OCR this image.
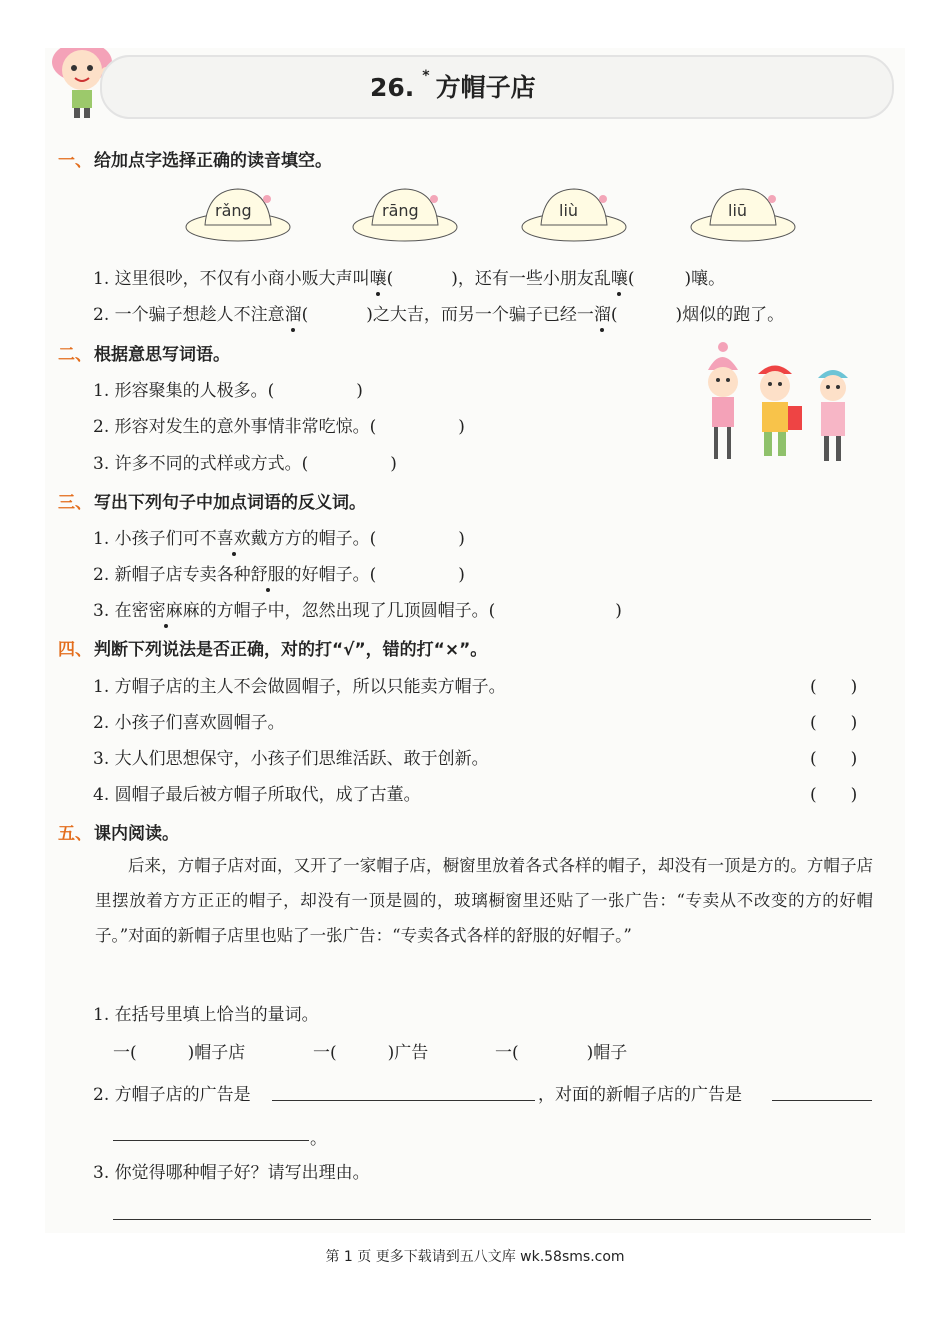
26. * 方帽子店
一、 给加点字选择正确的读音填空。
rǎng	rāng	liù	liū
1. 这里很吵，不仅有小商小贩大声叫嚷(	)，还有一些小朋友乱嚷(	)嚷。
2. 一个骗子想趁人不注意溜(	)之大吉，而另一个骗子已经一溜(	)烟似的跑了。
二、 根据意思写词语。
1. 形容聚集的人极多。(	)
2. 形容对发生的意外事情非常吃惊。(	)
3. 许多不同的式样或方式。(	)
三、 写出下列句子中加点词语的反义词。
1. 小孩子们可不喜欢戴方方的帽子。(	)
2. 新帽子店专卖各种舒服的好帽子。(	)
3. 在密密麻麻的方帽子中，忽然出现了几顶圆帽子。(	)
四、 判断下列说法是否正确，对的打“√”，错的打“×”。
1. 方帽子店的主人不会做圆帽子，所以只能卖方帽子。	(　　)
2. 小孩子们喜欢圆帽子。	(　　)
3. 大人们思想保守，小孩子们思维活跃、敢于创新。	(　　)
4. 圆帽子最后被方帽子所取代，成了古董。	(　　)
五、 课内阅读。
后来，方帽子店对面，又开了一家帽子店，橱窗里放着各式各样的帽子，却没有一顶是方的。方帽子店里摆放着方方正正的帽子，却没有一顶是圆的，玻璃橱窗里还贴了一张广告：“专卖从不改变的方的好帽子。”对面的新帽子店里也贴了一张广告：“专卖各式各样的舒服的好帽子。”
1. 在括号里填上恰当的量词。
一(　　　)帽子店	一(　　　)广告	一(　　　　)帽子
2. 方帽子店的广告是	，对面的新帽子店的广告是
。
3. 你觉得哪种帽子好？请写出理由。
第 1 页 更多下载请到五八文库 wk.58sms.com
